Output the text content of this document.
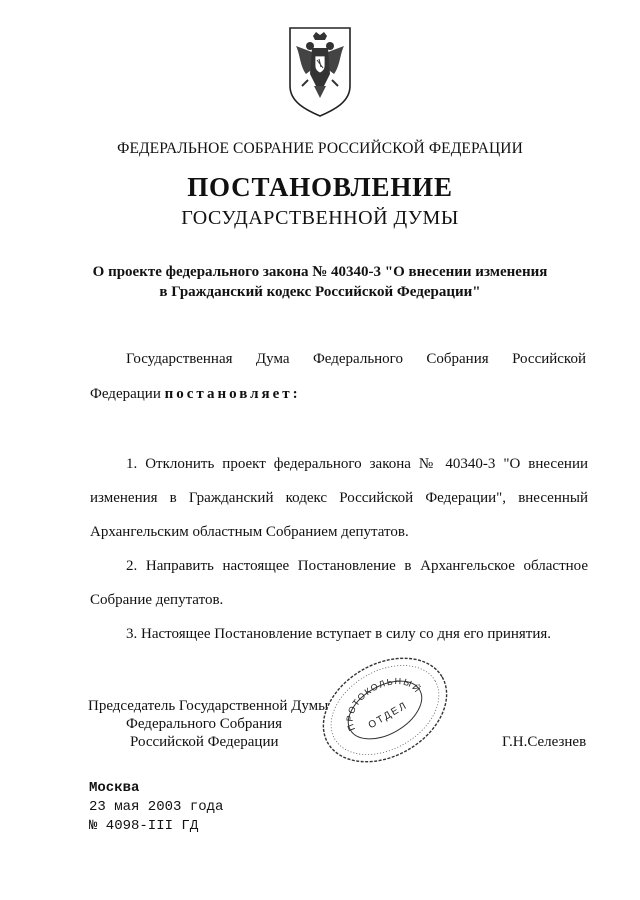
ФЕДЕРАЛЬНОЕ СОБРАНИЕ РОССИЙСКОЙ ФЕДЕРАЦИИ
ПОСТАНОВЛЕНИЕ
ГОСУДАРСТВЕННОЙ ДУМЫ
О проекте федерального закона № 40340-3 "О внесении изменения
в Гражданский кодекс Российской Федерации"
Государственная Дума Федерального Собрания Российской
Федерации постановляет:
1. Отклонить проект федерального закона № 40340-3 "О внесении
изменения в Гражданский кодекс Российской Федерации", внесенный
Архангельским областным Собранием депутатов.
2. Направить настоящее Постановление в Архангельское областное
Собрание депутатов.
3. Настоящее Постановление вступает в силу со дня его принятия.
Председатель Государственной Думы
Федерального Собрания
Российской Федерации	Г.Н.Селезнев
ПРОТОКОЛЬНЫЙ
ОТДЕЛ
Москва
23 мая 2003 года
№ 4098-III ГД
